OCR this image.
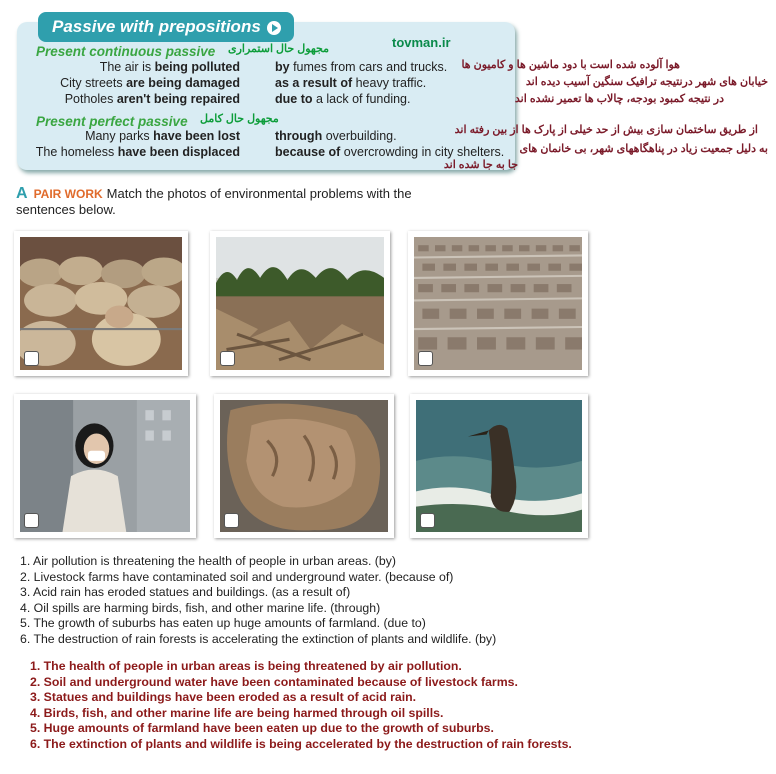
Passive with prepositions
tovman.ir
Present continuous passive مجهول حال استمراری
The air is being polluted	by fumes from cars and trucks.
City streets are being damaged	as a result of heavy traffic.
Potholes aren't being repaired	due to a lack of funding.
Present perfect passive مجهول حال کامل
Many parks have been lost	through overbuilding.
The homeless have been displaced	because of overcrowding in city shelters.
هوا آلوده شده است با دود ماشین ها و کامیون ها
خیابان های شهر درنتیجه ترافیک سنگین آسیب دیده اند
در نتیجه کمبود بودجه، چالاب ها تعمیر نشده اند
از طریق ساختمان سازی بیش از حد خیلی از پارک ها از بین رفته اند
به دلیل جمعیت زیاد در پناهگاههای شهر، بی خانمان های
جا به جا شده اند
A PAIR WORK Match the photos of environmental problems with the sentences below.
1. Air pollution is threatening the health of people in urban areas. (by)
2. Livestock farms have contaminated soil and underground water. (because of)
3. Acid rain has eroded statues and buildings. (as a result of)
4. Oil spills are harming birds, fish, and other marine life. (through)
5. The growth of suburbs has eaten up huge amounts of farmland. (due to)
6. The destruction of rain forests is accelerating the extinction of plants and wildlife. (by)
1. The health of people in urban areas is being threatened by air pollution.
2. Soil and underground water have been contaminated because of livestock farms.
3. Statues and buildings have been eroded as a result of acid rain.
4. Birds, fish, and other marine life are being harmed through oil spills.
5. Huge amounts of farmland have been eaten up due to the growth of suburbs.
6. The extinction of plants and wildlife is being accelerated by the destruction of rain forests.
